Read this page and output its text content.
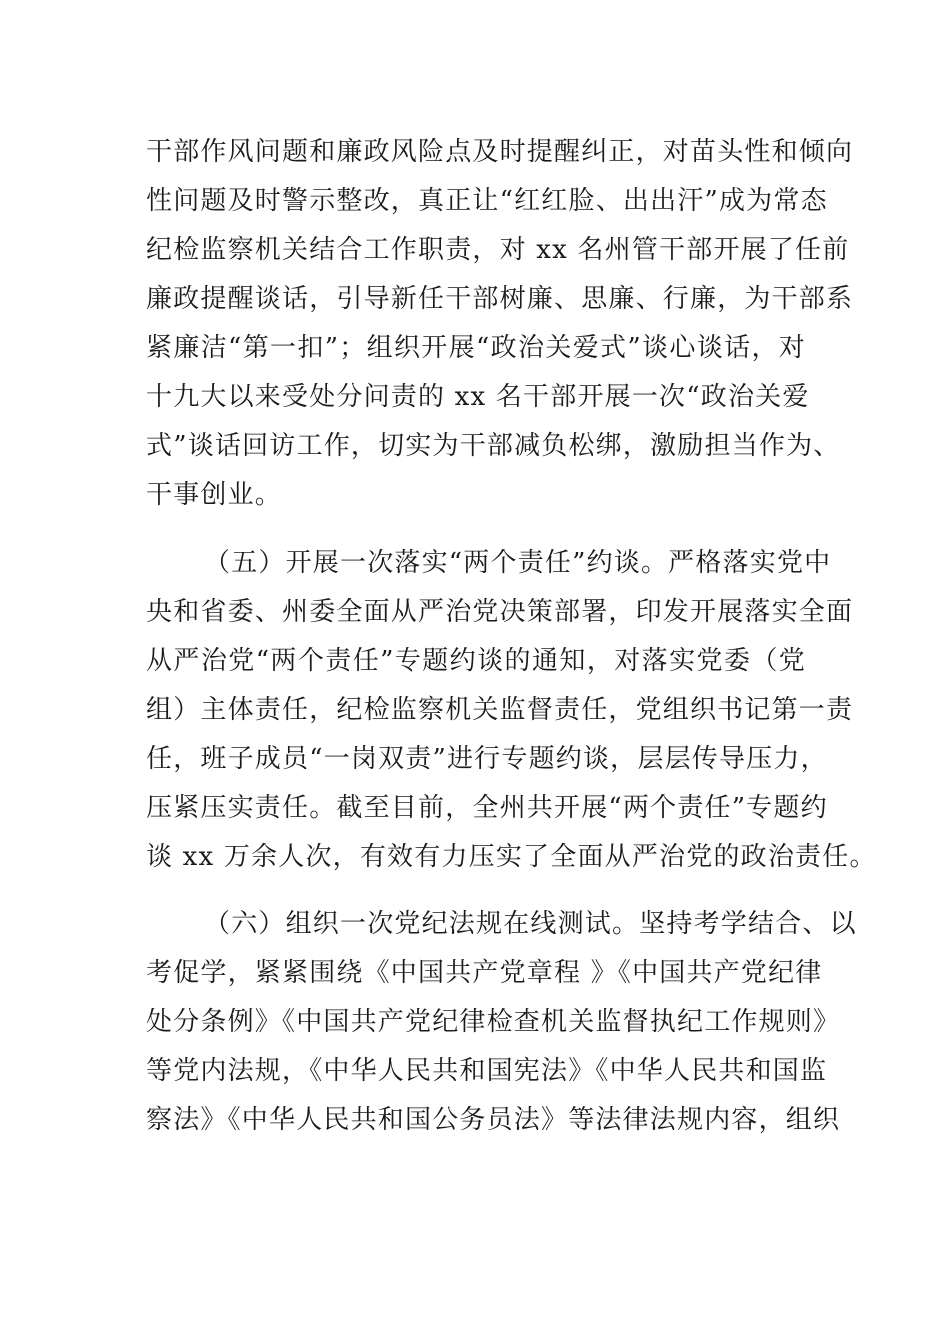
干部作风问题和廉政风险点及时提醒纠正，对苗头性和倾向
性问题及时警示整改，真正让“红红脸、出出汗”成为常态
纪检监察机关结合工作职责，对 xx 名州管干部开展了任前
廉政提醒谈话，引导新任干部树廉、思廉、行廉，为干部系
紧廉洁“第一扣”；组织开展“政治关爱式”谈心谈话，对
十九大以来受处分问责的 xx 名干部开展一次“政治关爱
式”谈话回访工作，切实为干部减负松绑，激励担当作为、
干事创业。
（五）开展一次落实“两个责任”约谈。严格落实党中
央和省委、州委全面从严治党决策部署，印发开展落实全面
从严治党“两个责任”专题约谈的通知，对落实党委（党
组）主体责任，纪检监察机关监督责任，党组织书记第一责
任，班子成员“一岗双责”进行专题约谈，层层传导压力，
压紧压实责任。截至目前，全州共开展“两个责任”专题约
谈 xx 万余人次，有效有力压实了全面从严治党的政治责任。
（六）组织一次党纪法规在线测试。坚持考学结合、以
考促学，紧紧围绕《中国共产党章程 》《中国共产党纪律
处分条例》《中国共产党纪律检查机关监督执纪工作规则》
等党内法规，《中华人民共和国宪法》《中华人民共和国监
察法》《中华人民共和国公务员法》等法律法规内容，组织
